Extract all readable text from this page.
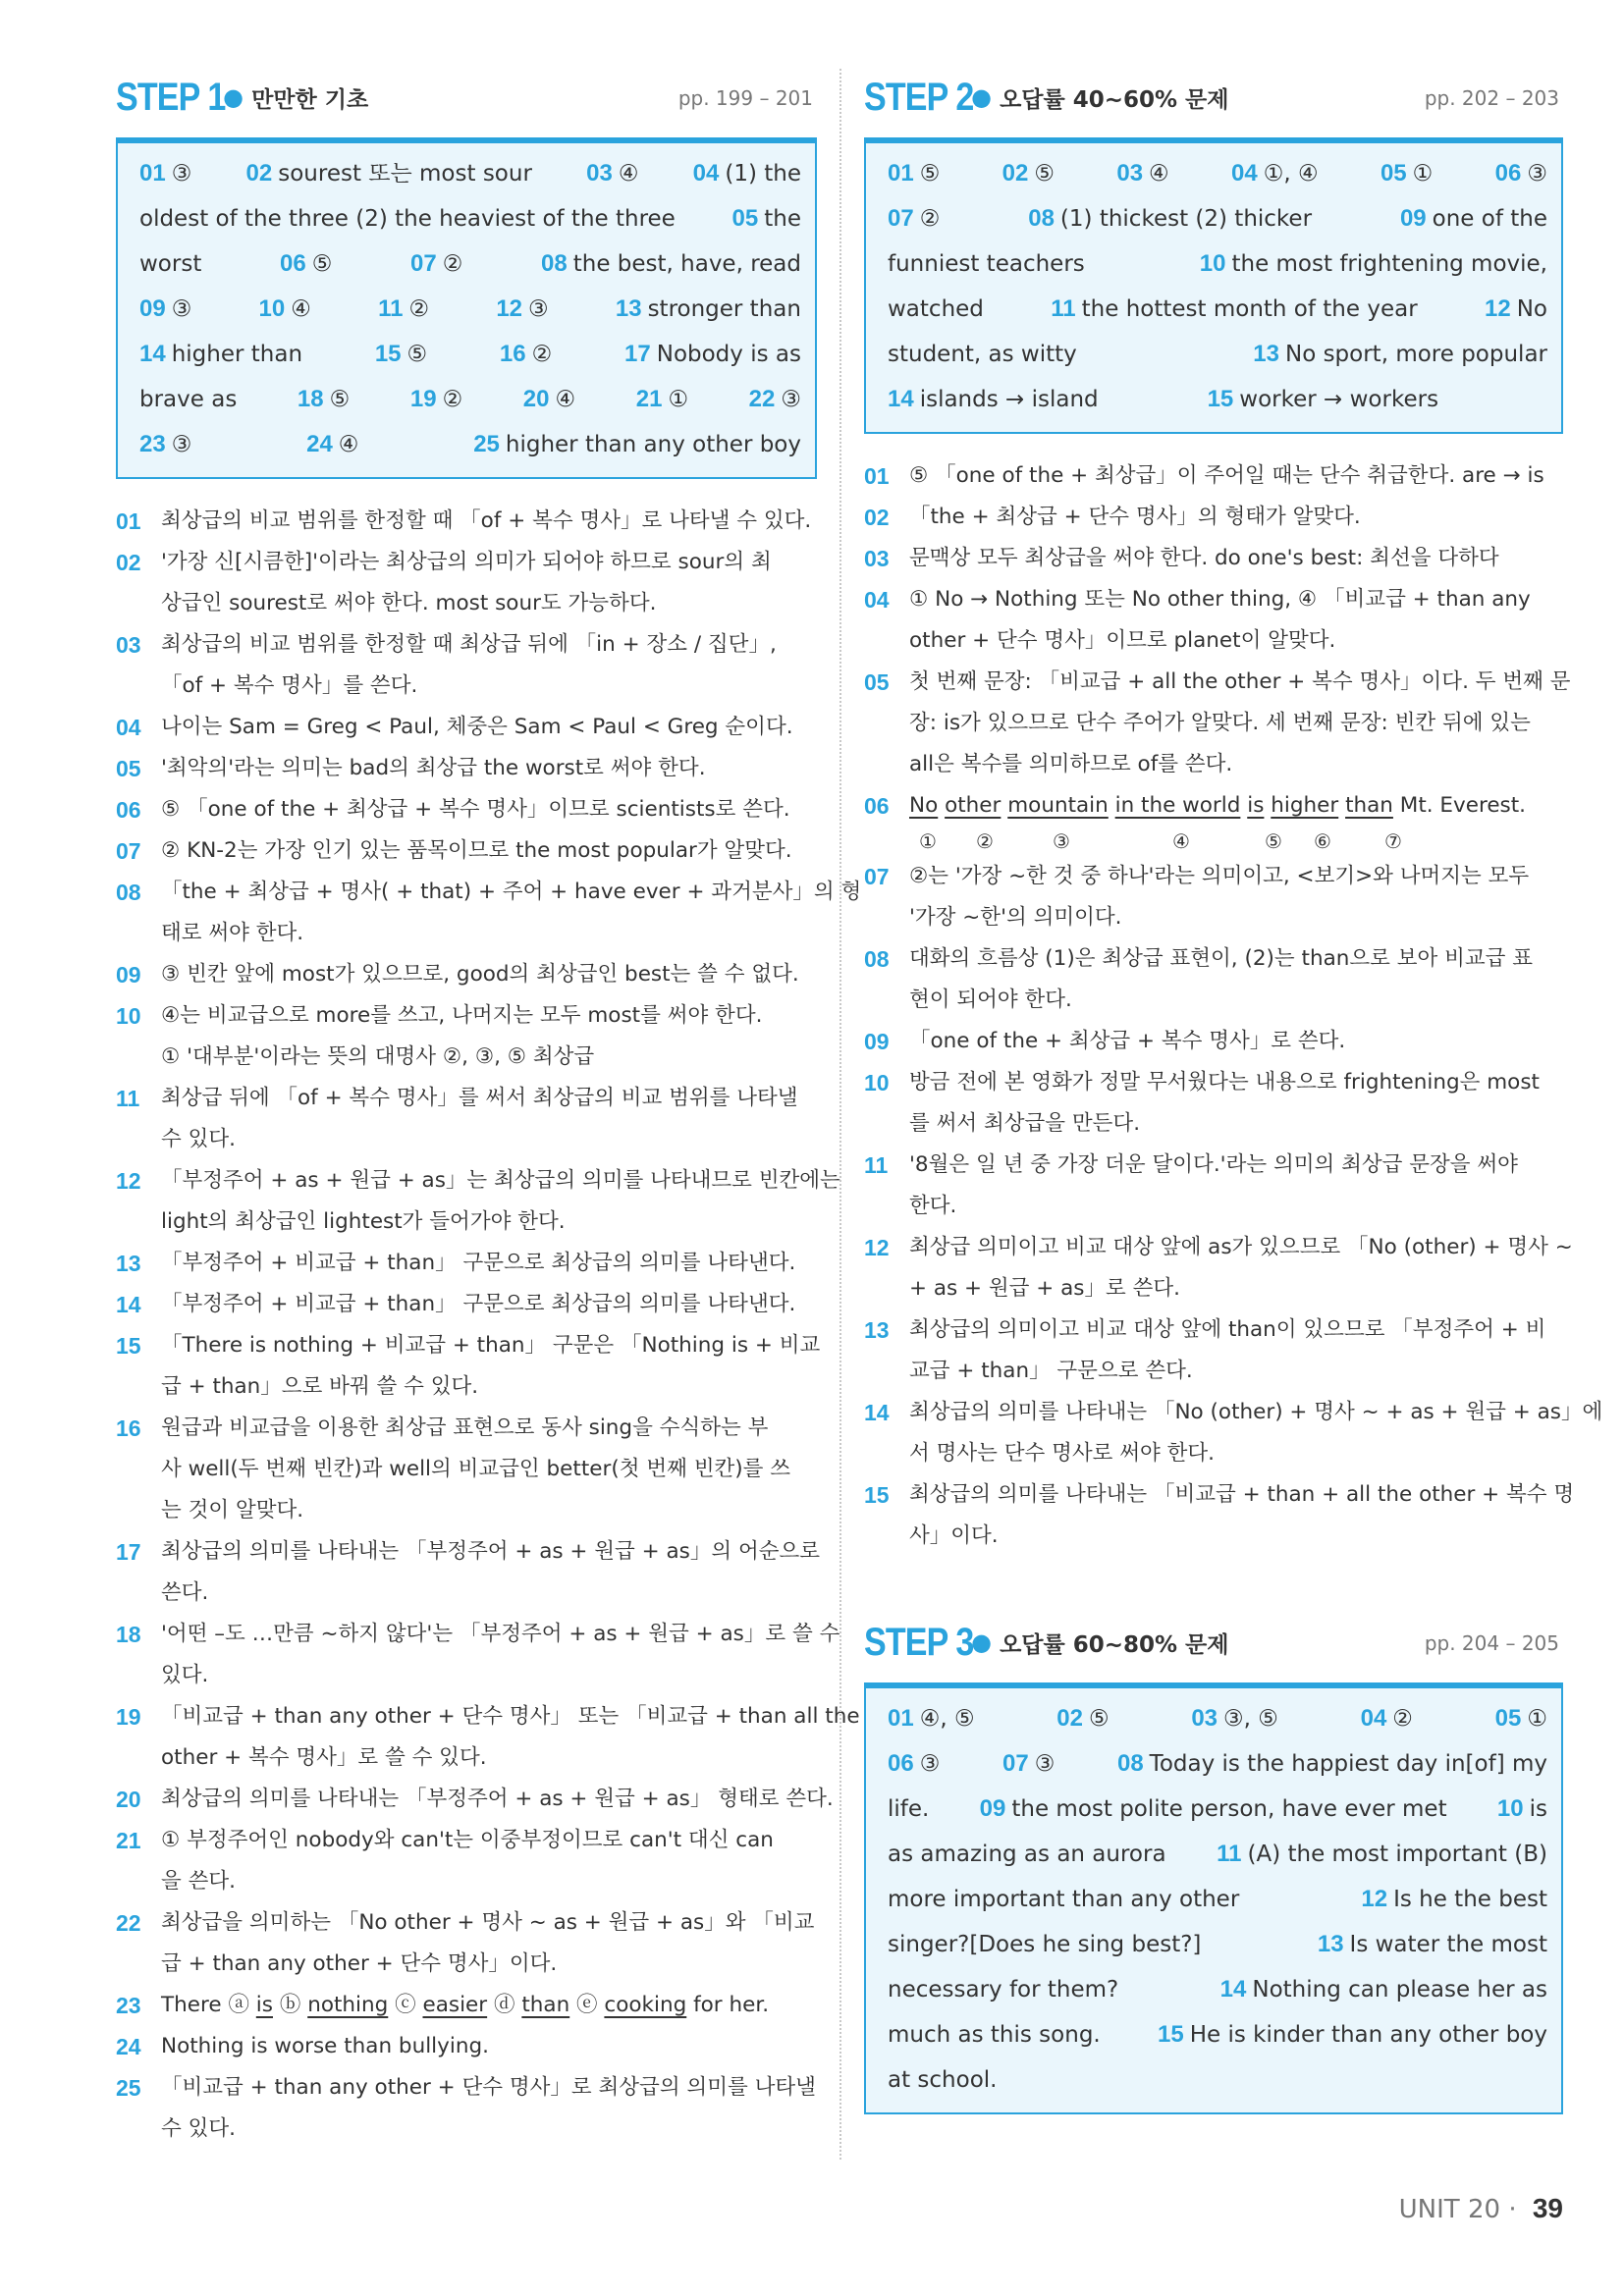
STEP 1
● 만만한 기초	pp. 199 – 201
01 ③ 02 sourest 또는 most sour 03 ④ 04 (1) the
oldest of the three (2) the heaviest of the three 05 the
worst	06 ⑤	07 ②	08 the best, have, read
09 ③	10 ④	11 ②	12 ③	13 stronger than
14 higher than	15 ⑤	16 ②	17 Nobody is as
brave as	18 ⑤	19 ②	20 ④	21 ①	22 ③
23 ③	24 ④	25 higher than any other boy
01 최상급의 비교 범위를 한정할 때 「of + 복수 명사」로 나타낼 수 있다.

02 '가장 신[시큼한]'이라는 최상급의 의미가 되어야 하므로 sour의 최

상급인 sourest로 써야 한다. most sour도 가능하다.

03 최상급의 비교 범위를 한정할 때 최상급 뒤에 「in + 장소 / 집단」,

「of + 복수 명사」를 쓴다.

04 나이는 Sam = Greg < Paul, 체중은 Sam < Paul < Greg 순이다.

05 '최악의'라는 의미는 bad의 최상급 the worst로 써야 한다.

06 ⑤ 「one of the + 최상급 + 복수 명사」이므로 scientists로 쓴다.

07 ② KN-2는 가장 인기 있는 품목이므로 the most popular가 알맞다.

08 「the + 최상급 + 명사( + that) + 주어 + have ever + 과거분사」의 형

태로 써야 한다.

09 ③ 빈칸 앞에 most가 있으므로, good의 최상급인 best는 쓸 수 없다.

10 ④는 비교급으로 more를 쓰고, 나머지는 모두 most를 써야 한다.

① '대부분'이라는 뜻의 대명사 ②, ③, ⑤ 최상급

11	최상급 뒤에 「of + 복수 명사」를 써서 최상급의 비교 범위를 나타낼

수 있다.

12 「부정주어 + as + 원급 + as」는 최상급의 의미를 나타내므로 빈칸에는

light의 최상급인 lightest가 들어가야 한다.

13 「부정주어 + 비교급 + than」 구문으로 최상급의 의미를 나타낸다.

14 「부정주어 + 비교급 + than」 구문으로 최상급의 의미를 나타낸다.

15 「There is nothing + 비교급 + than」 구문은 「Nothing is + 비교

급 + than」으로 바꿔 쓸 수 있다.

16 원급과 비교급을 이용한 최상급 표현으로 동사 sing을 수식하는 부

사 well(두 번째 빈칸)과 well의 비교급인 better(첫 번째 빈칸)를 쓰

는 것이 알맞다.

17 최상급의 의미를 나타내는 「부정주어 + as + 원급 + as」의 어순으로

쓴다.

18 '어떤 –도 …만큼 ~하지 않다'는 「부정주어 + as + 원급 + as」로 쓸 수

있다.

19 「비교급 + than any other + 단수 명사」 또는 「비교급 + than all the

other + 복수 명사」로 쓸 수 있다.

20 최상급의 의미를 나타내는 「부정주어 + as + 원급 + as」 형태로 쓴다.

21 ① 부정주어인 nobody와 can't는 이중부정이므로 can't 대신 can

을 쓴다.

22 최상급을 의미하는 「No other + 명사 ~ as + 원급 + as」와 「비교

급 + than any other + 단수 명사」이다.

23 There ⓐ is ⓑ nothing ⓒ easier ⓓ than ⓔ cooking for her.

24 Nothing is worse than bullying.

25 「비교급 + than any other + 단수 명사」로 최상급의 의미를 나타낼

수 있다.

STEP 2
● 오답률 40~60% 문제	pp. 202 – 203
01 ⑤	02 ⑤	03 ④	04 ①, ④	05 ①	06 ③
07 ②	08 (1) thickest (2) thicker	09 one of the
funniest teachers	10 the most frightening movie,
watched	11 the hottest month of the year	12 No
student, as witty	13 No sport, more popular
14 islands → island	15 worker → workers
01 ⑤ 「one of the + 최상급」이 주어일 때는 단수 취급한다. are → is

02 「the + 최상급 + 단수 명사」의 형태가 알맞다.

03 문맥상 모두 최상급을 써야 한다. do one's best: 최선을 다하다

04 ① No → Nothing 또는 No other thing, ④ 「비교급 + than any

other + 단수 명사」이므로 planet이 알맞다.

05 첫 번째 문장: 「비교급 + all the other + 복수 명사」이다. 두 번째 문

장: is가 있으므로 단수 주어가 알맞다. 세 번째 문장: 빈칸 뒤에 있는

all은 복수를 의미하므로 of를 쓴다.

06 No other mountain in the world is higher than Mt. Everest.

① ②	③	④	⑤ ⑥	⑦
07 ②는 '가장 ~한 것 중 하나'라는 의미이고, <보기>와 나머지는 모두

'가장 ~한'의 의미이다.

08 대화의 흐름상 (1)은 최상급 표현이, (2)는 than으로 보아 비교급 표

현이 되어야 한다.

09 「one of the + 최상급 + 복수 명사」로 쓴다.

10 방금 전에 본 영화가 정말 무서웠다는 내용으로 frightening은 most

를 써서 최상급을 만든다.

11	'8월은 일 년 중 가장 더운 달이다.'라는 의미의 최상급 문장을 써야

한다.

12 최상급 의미이고 비교 대상 앞에 as가 있으므로 「No (other) + 명사 ~

+ as + 원급 + as」로 쓴다.

13 최상급의 의미이고 비교 대상 앞에 than이 있으므로 「부정주어 + 비

교급 + than」 구문으로 쓴다.

14 최상급의 의미를 나타내는 「No (other) + 명사 ~ + as + 원급 + as」에

서 명사는 단수 명사로 써야 한다.

15 최상급의 의미를 나타내는 「비교급 + than + all the other + 복수 명

사」이다.

STEP 3
● 오답률 60~80% 문제	pp. 204 – 205
01 ④, ⑤	02 ⑤	03 ③, ⑤	04 ②	05 ①
06 ③	07 ③	08 Today is the happiest day in[of] my
life. 09 the most polite person, have ever met 10 is
as amazing as an aurora 11 (A) the most important (B)
more important than any other	12 Is he the best
singer?[Does he sing best?]	13 Is water the most
necessary for them?	14 Nothing can please her as
much as this song. 15 He is kinder than any other boy
at school.
UNIT 20 · 39
